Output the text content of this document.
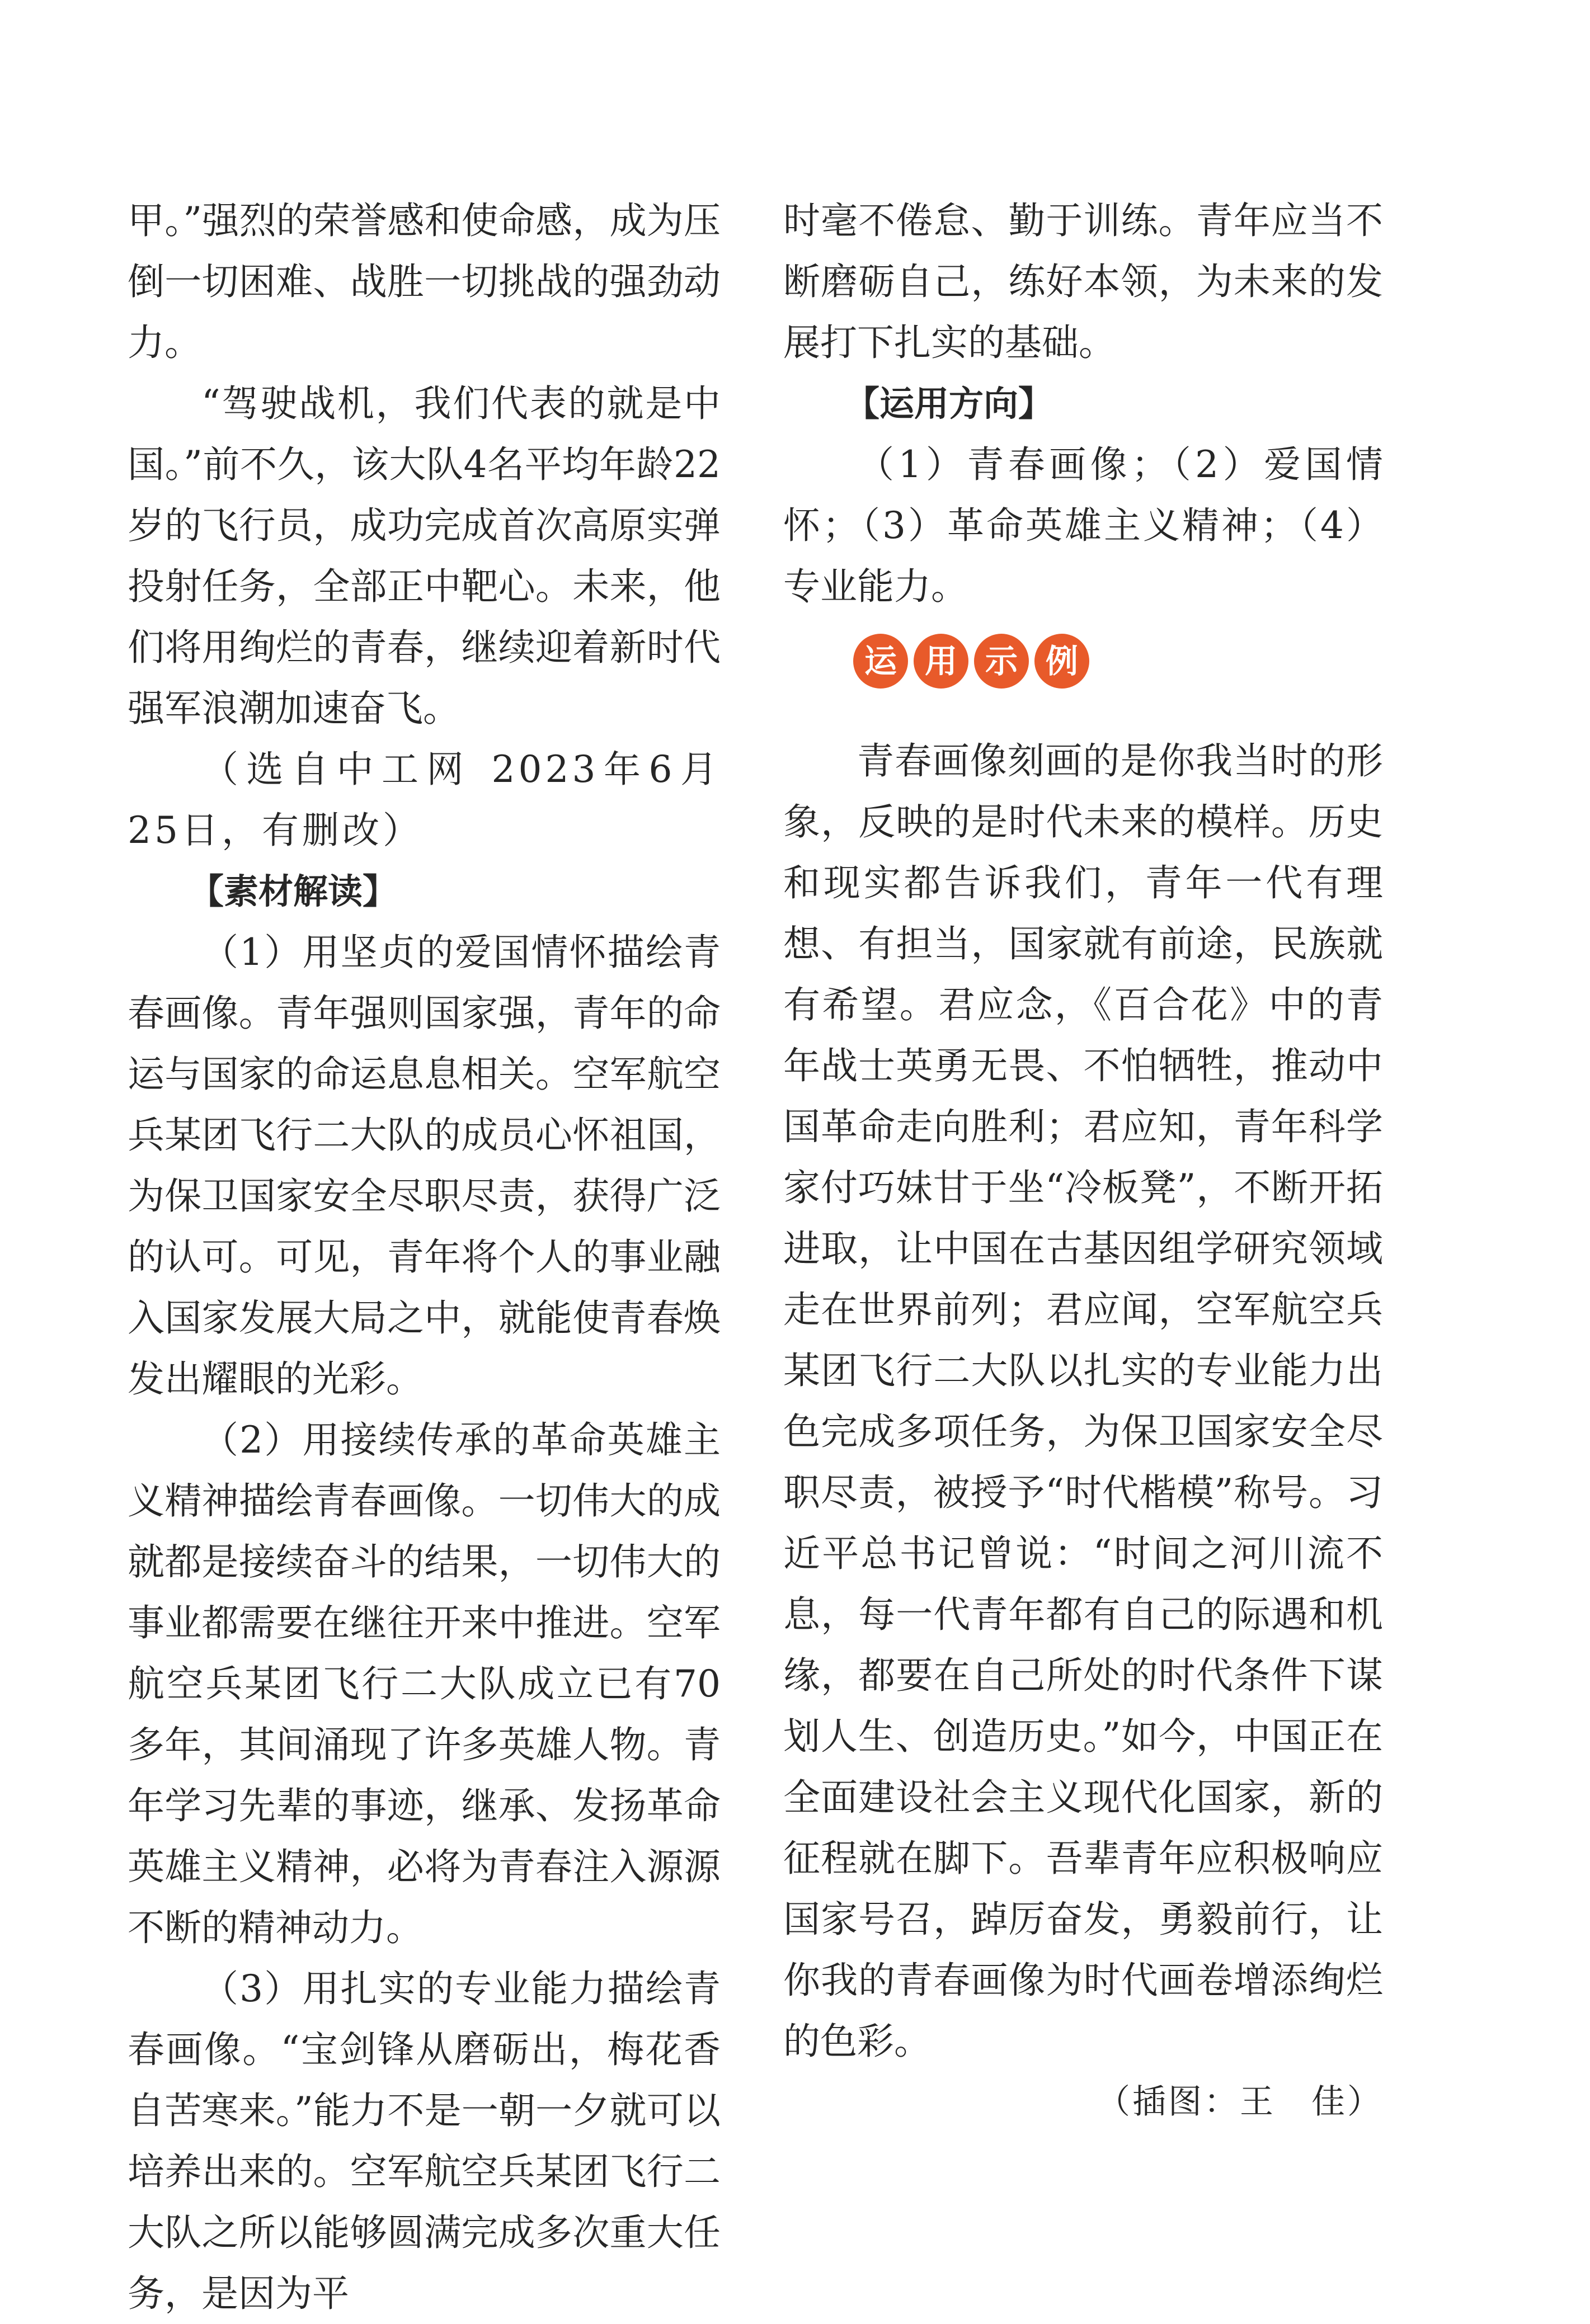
甲。”强烈的荣誉感和使命感，成为压倒一切困难、战胜一切挑战的强劲动力。

“驾驶战机，我们代表的就是中国。”前不久，该大队4名平均年龄22岁的飞行员，成功完成首次高原实弹投射任务，全部正中靶心。未来，他们将用绚烂的青春，继续迎着新时代强军浪潮加速奋飞。

（选自中工网 2023年6月25日，有删改）

【素材解读】

（1）用坚贞的爱国情怀描绘青春画像。青年强则国家强，青年的命运与国家的命运息息相关。空军航空兵某团飞行二大队的成员心怀祖国，为保卫国家安全尽职尽责，获得广泛的认可。可见，青年将个人的事业融入国家发展大局之中，就能使青春焕发出耀眼的光彩。

（2）用接续传承的革命英雄主义精神描绘青春画像。一切伟大的成就都是接续奋斗的结果，一切伟大的事业都需要在继往开来中推进。空军航空兵某团飞行二大队成立已有70多年，其间涌现了许多英雄人物。青年学习先辈的事迹，继承、发扬革命英雄主义精神，必将为青春注入源源不断的精神动力。

（3）用扎实的专业能力描绘青春画像。“宝剑锋从磨砺出，梅花香自苦寒来。”能力不是一朝一夕就可以培养出来的。空军航空兵某团飞行二大队之所以能够圆满完成多次重大任务，是因为平

时毫不倦怠、勤于训练。青年应当不断磨砺自己，练好本领，为未来的发展打下扎实的基础。

【运用方向】

（1）青春画像；（2）爱国情怀；（3）革命英雄主义精神；（4）专业能力。

运 用 示 例

青春画像刻画的是你我当时的形象，反映的是时代未来的模样。历史和现实都告诉我们，青年一代有理想、有担当，国家就有前途，民族就有希望。君应念，《百合花》中的青年战士英勇无畏、不怕牺牲，推动中国革命走向胜利；君应知，青年科学家付巧妹甘于坐“冷板凳”，不断开拓进取，让中国在古基因组学研究领域走在世界前列；君应闻，空军航空兵某团飞行二大队以扎实的专业能力出色完成多项任务，为保卫国家安全尽职尽责，被授予“时代楷模”称号。习近平总书记曾说：“时间之河川流不息，每一代青年都有自己的际遇和机缘，都要在自己所处的时代条件下谋划人生、创造历史。”如今，中国正在全面建设社会主义现代化国家，新的征程就在脚下。吾辈青年应积极响应国家号召，踔厉奋发，勇毅前行，让你我的青春画像为时代画卷增添绚烂的色彩。

（插图：王　佳）
